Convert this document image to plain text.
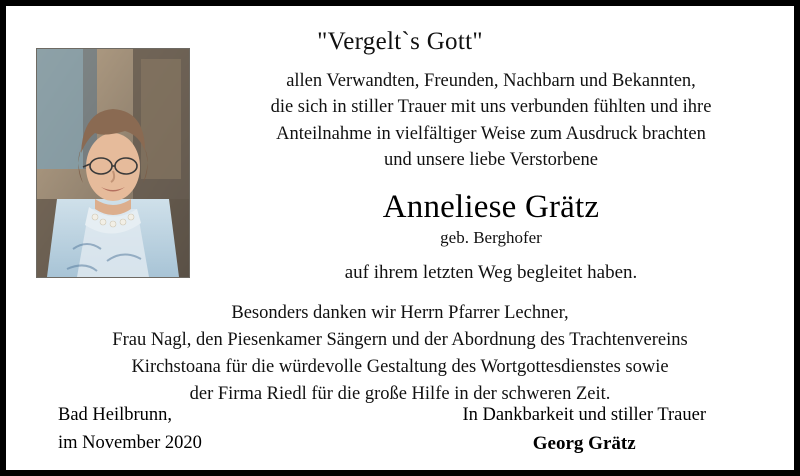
"Vergelt`s Gott"
allen Verwandten, Freunden, Nachbarn und Bekannten,
die sich in stiller Trauer mit uns verbunden fühlten und ihre
Anteilnahme in vielfältiger Weise zum Ausdruck brachten
und unsere liebe Verstorbene
Anneliese Grätz
geb. Berghofer
auf ihrem letzten Weg begleitet haben.
Besonders danken wir Herrn Pfarrer Lechner,
Frau Nagl, den Piesenkamer Sängern und der Abordnung des Trachtenvereins
Kirchstoana für die würdevolle Gestaltung des Wortgottesdienstes sowie
der Firma Riedl für die große Hilfe in der schweren Zeit.
Bad Heilbrunn,
im November 2020
In Dankbarkeit und stiller Trauer
Georg Grätz
